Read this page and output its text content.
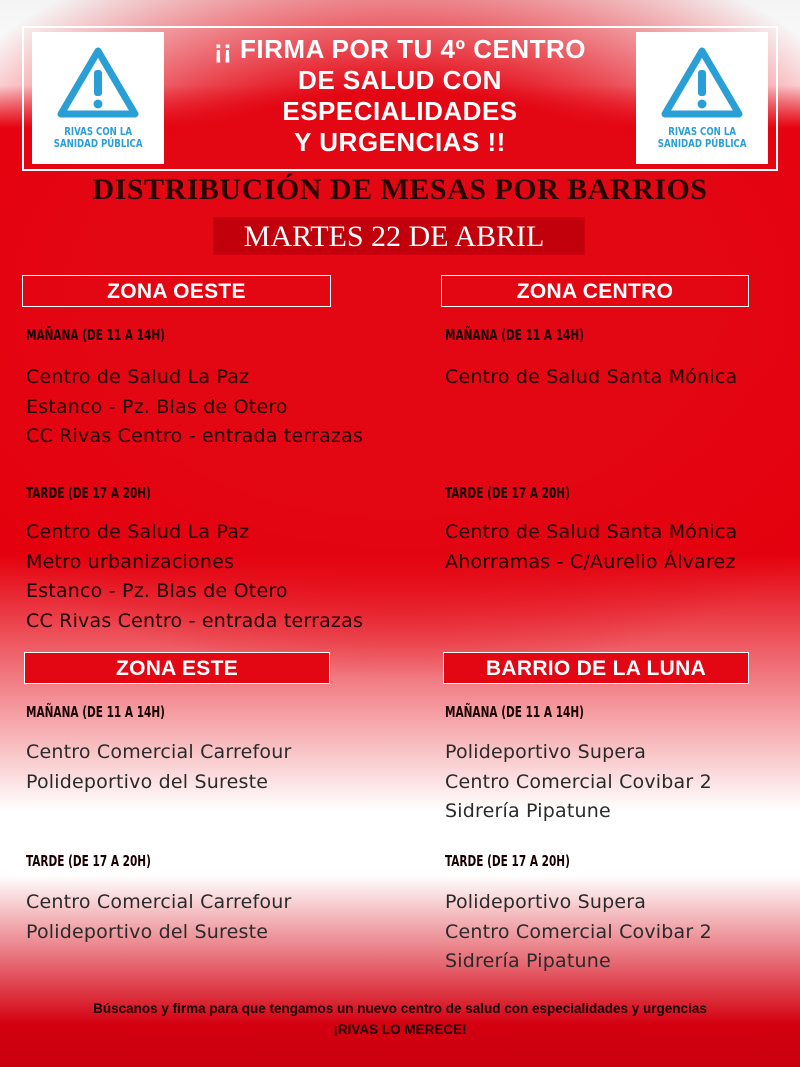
RIVAS CON LA
SANIDAD PÚBLICA
RIVAS CON LA
SANIDAD PÚBLICA
¡¡ FIRMA POR TU 4º CENTRO
DE SALUD CON
ESPECIALIDADES
Y URGENCIAS !!
DISTRIBUCIÓN DE MESAS POR BARRIOS
MARTES 22 DE ABRIL
ZONA OESTE
MAÑANA (DE 11 A 14H)
Centro de Salud La Paz
Estanco - Pz. Blas de Otero
CC Rivas Centro - entrada terrazas
TARDE (DE 17 A 20H)
Centro de Salud La Paz
Metro urbanizaciones
Estanco - Pz. Blas de Otero
CC Rivas Centro - entrada terrazas
ZONA CENTRO
MAÑANA (DE 11 A 14H)
Centro de Salud Santa Mónica
TARDE (DE 17 A 20H)
Centro de Salud Santa Mónica
Ahorramas - C/Aurelio Álvarez
ZONA ESTE
MAÑANA (DE 11 A 14H)
Centro Comercial Carrefour
Polideportivo del Sureste
TARDE (DE 17 A 20H)
Centro Comercial Carrefour
Polideportivo del Sureste
BARRIO DE LA LUNA
MAÑANA (DE 11 A 14H)
Polideportivo Supera
Centro Comercial Covibar 2
Sidrería Pipatune
TARDE (DE 17 A 20H)
Polideportivo Supera
Centro Comercial Covibar 2
Sidrería Pipatune
Búscanos y firma para que tengamos un nuevo centro de salud con especialidades y urgencias
¡RIVAS LO MERECE!
